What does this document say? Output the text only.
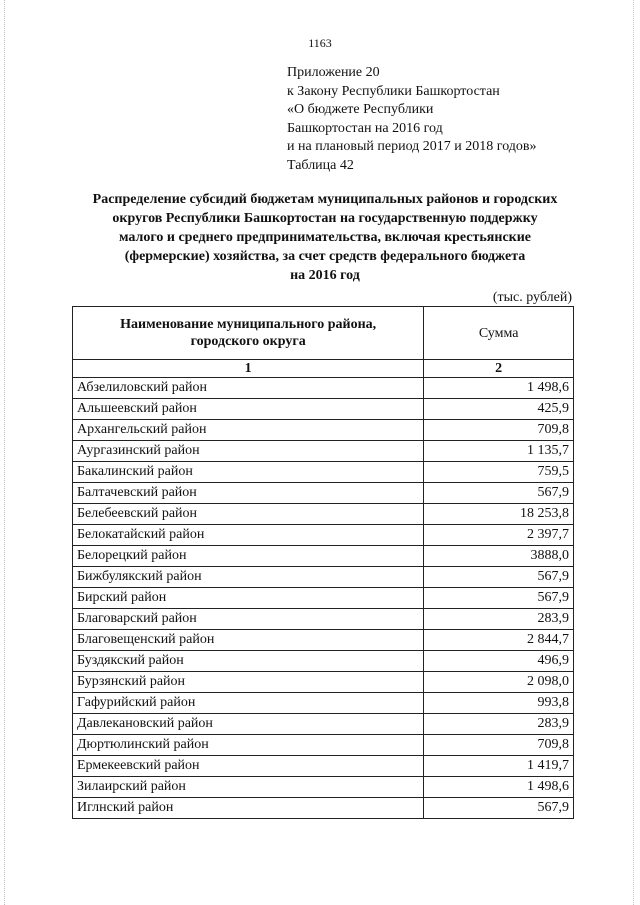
1163
Приложение 20
к Закону Республики Башкортостан
«О бюджете Республики
Башкортостан на 2016 год
и на плановый период 2017 и 2018 годов»
Таблица 42
Распределение субсидий бюджетам муниципальных районов и городских
округов Республики Башкортостан на государственную поддержку
малого и среднего предпринимательства, включая крестьянские
(фермерские) хозяйства, за счет средств федерального бюджета
на 2016 год
(тыс. рублей)
Наименование муниципального района,
городского округа	Сумма
1	2
Абзелиловский район	1 498,6
Альшеевский район	425,9
Архангельский район	709,8
Аургазинский район	1 135,7
Бакалинский район	759,5
Балтачевский район	567,9
Белебеевский район	18 253,8
Белокатайский район	2 397,7
Белорецкий район	3888,0
Бижбулякский район	567,9
Бирский район	567,9
Благоварский район	283,9
Благовещенский район	2 844,7
Буздякский район	496,9
Бурзянский район	2 098,0
Гафурийский район	993,8
Давлекановский район	283,9
Дюртюлинский район	709,8
Ермекеевский район	1 419,7
Зилаирский район	1 498,6
Иглнский район	567,9
